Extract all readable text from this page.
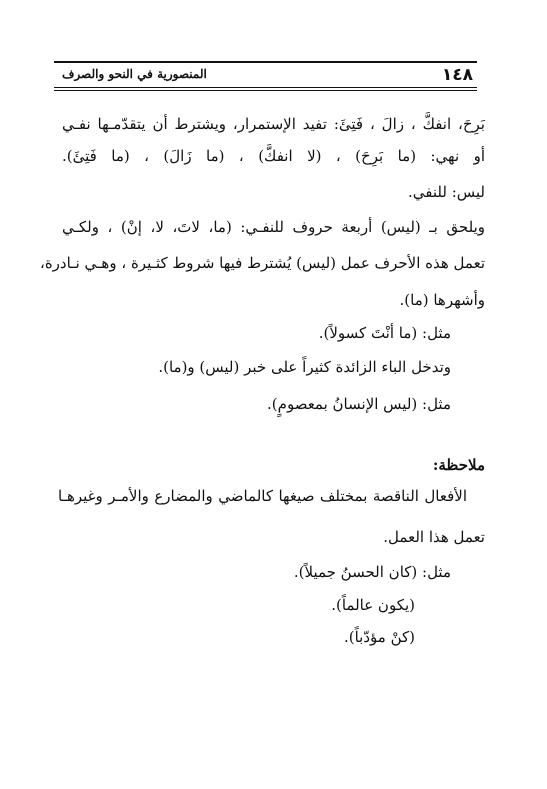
١٤٨
المنصورية في النحو والصرف
بَرِحَ، انفكَّ ، زالَ ، فَتِئَ: تفيد الإستمرار، ويشترط أن يتقدّمـها نفـي
أو نهي: (ما بَرِحَ) ، (لا انفكَّ) ، (ما زَالَ) ، (ما فَتِئَ).
ليس: للنفي.
ويلحق بـ (ليس) أربعة حروف للنفـي: (ما، لاتَ، لا، إنْ) ، ولكـي
تعمل هذه الأحرف عمل (ليس) يُشترط فيها شروط كثـيرة ، وهـي نـادرة،
وأشهرها (ما).
مثل: (ما أنْتَ كسولاً).
وتدخل الباء الزائدة كثيراً على خبر (ليس) و(ما).
مثل: (ليس الإنسانُ بمعصومٍ).
ملاحظة:
الأفعال الناقصة بمختلف صيغها كالماضي والمضارع والأمـر وغيرهـا
تعمل هذا العمل.
مثل: (كان الحسنُ جميلاً).
(يكون عالماً).
(كنْ مؤدّباً).
